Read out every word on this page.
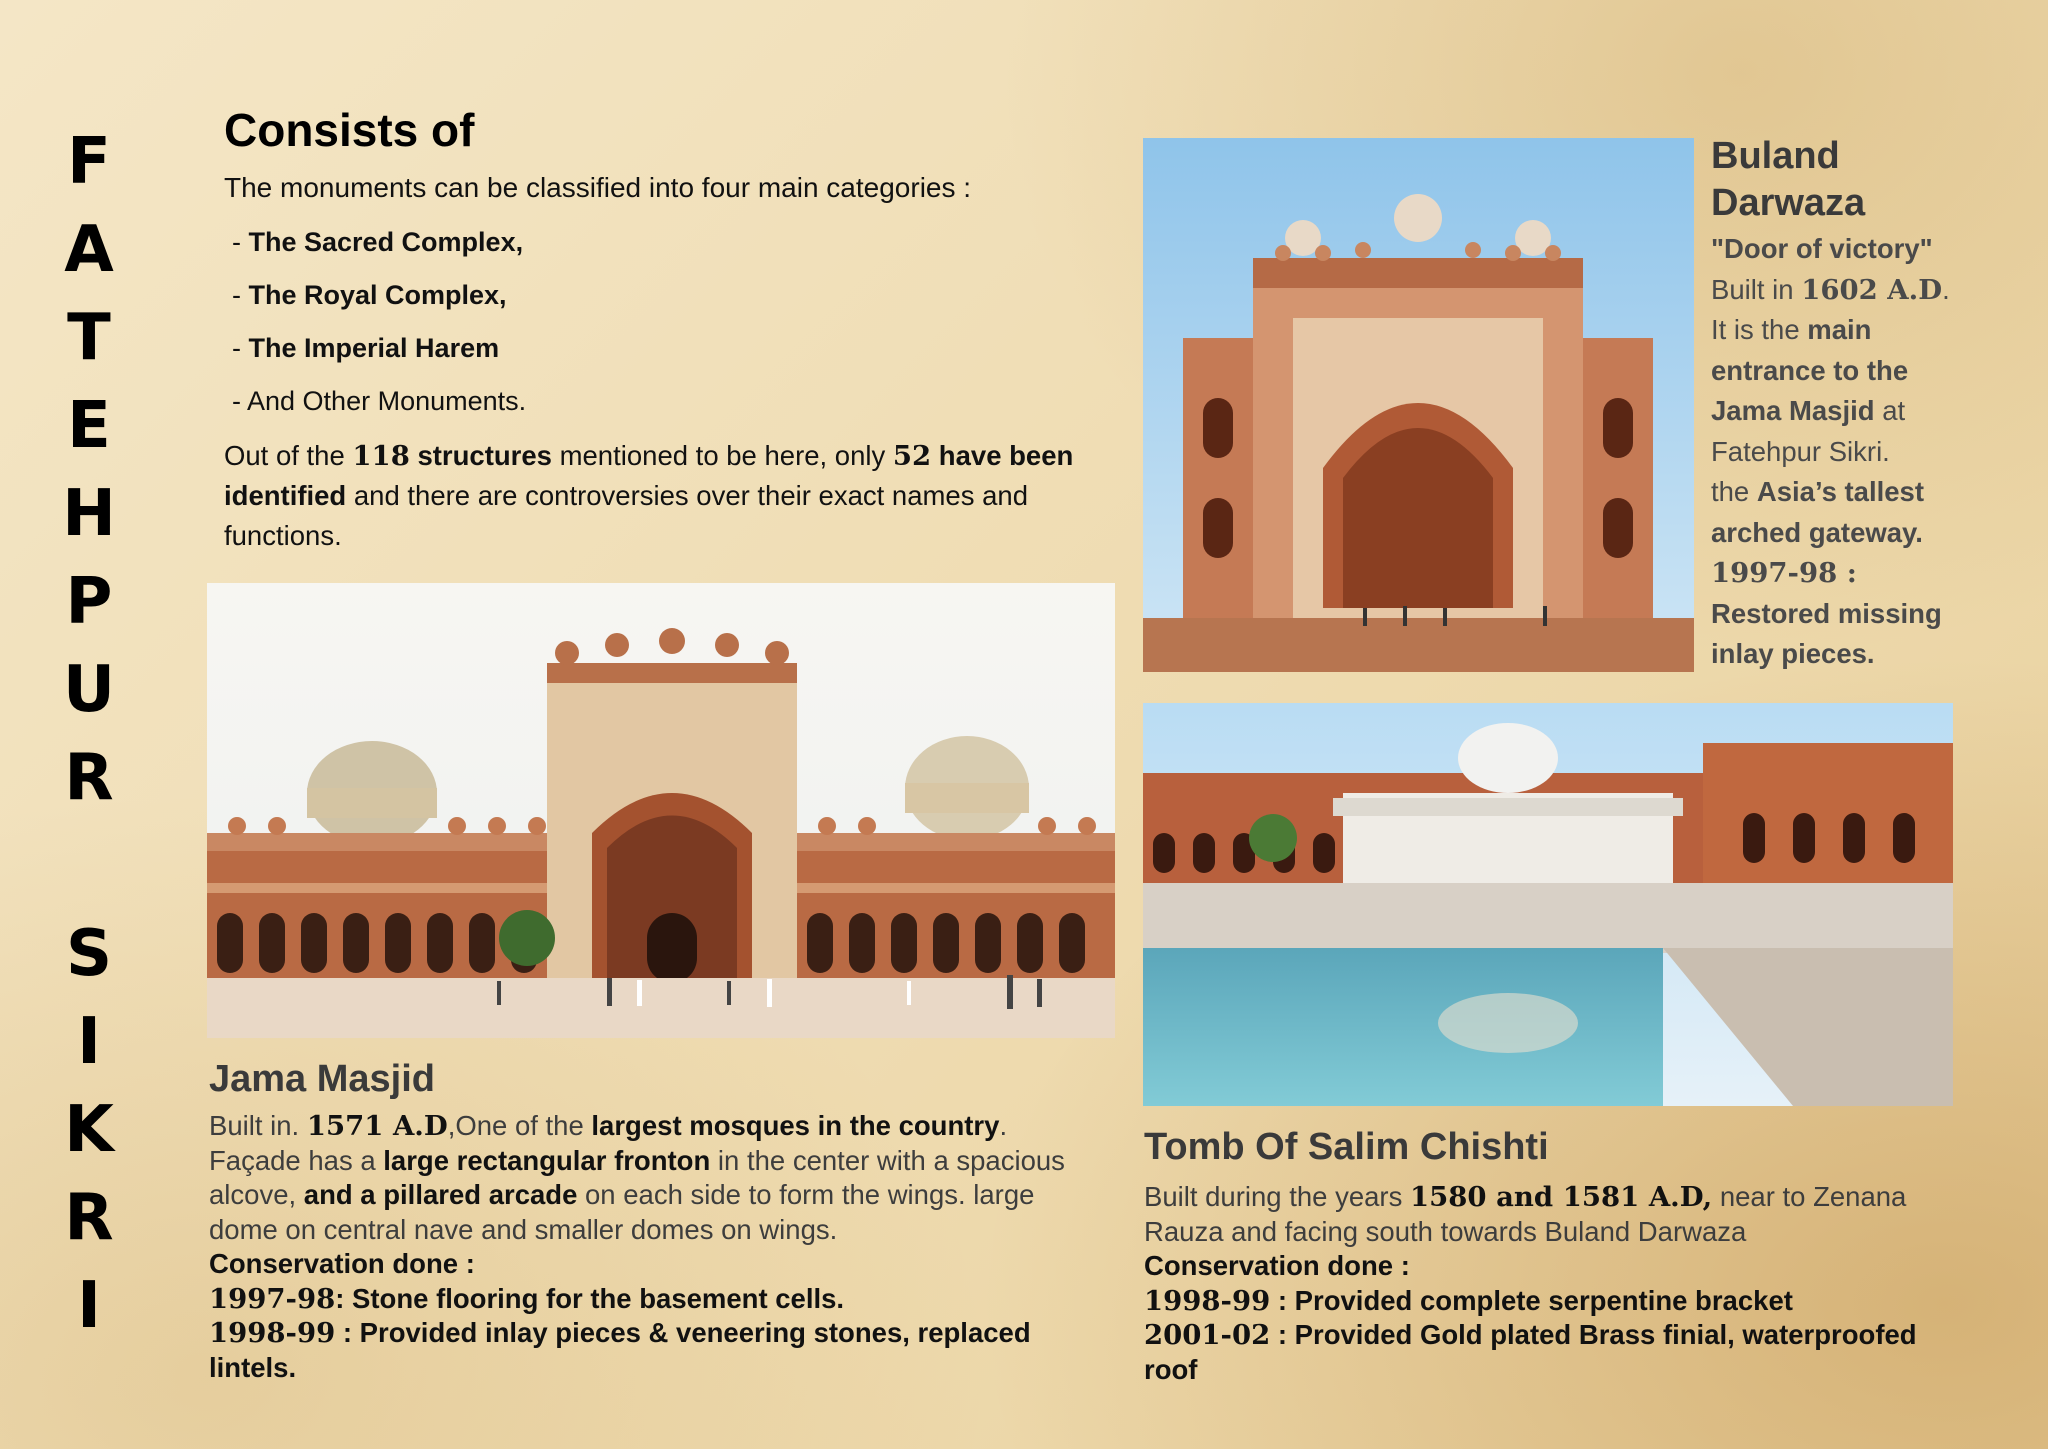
F
A
T
E
H
P
U
R
S
I
K
R
I
Consists of

The monuments can be classified into four main categories :

- The Sacred Complex,

- The Royal Complex,

- The Imperial Harem

- And Other Monuments.

Out of the 118 structures mentioned to be here, only 52 have been identified and there are controversies over their exact names and functions.

Jama Masjid

Built in. 1571 A.D,One of the largest mosques in the country.
Façade has a large rectangular fronton in the center with a spacious alcove, and a pillared arcade on each side to form the wings. large dome on central nave and smaller domes on wings.
Conservation done :
1997-98: Stone flooring for the basement cells.
1998-99 : Provided inlay pieces & veneering stones, replaced lintels.

Buland
Darwaza

"Door of victory"
Built in 1602 A.D.
It is the main entrance to the Jama Masjid at Fatehpur Sikri.
the Asia’s tallest arched gateway.
1997-98 :
Restored missing inlay pieces.

Tomb Of Salim Chishti

Built during the years 1580 and 1581 A.D, near to Zenana Rauza and facing south towards Buland Darwaza
Conservation done :
1998-99 : Provided complete serpentine bracket
2001-02 : Provided Gold plated Brass finial, waterproofed roof
